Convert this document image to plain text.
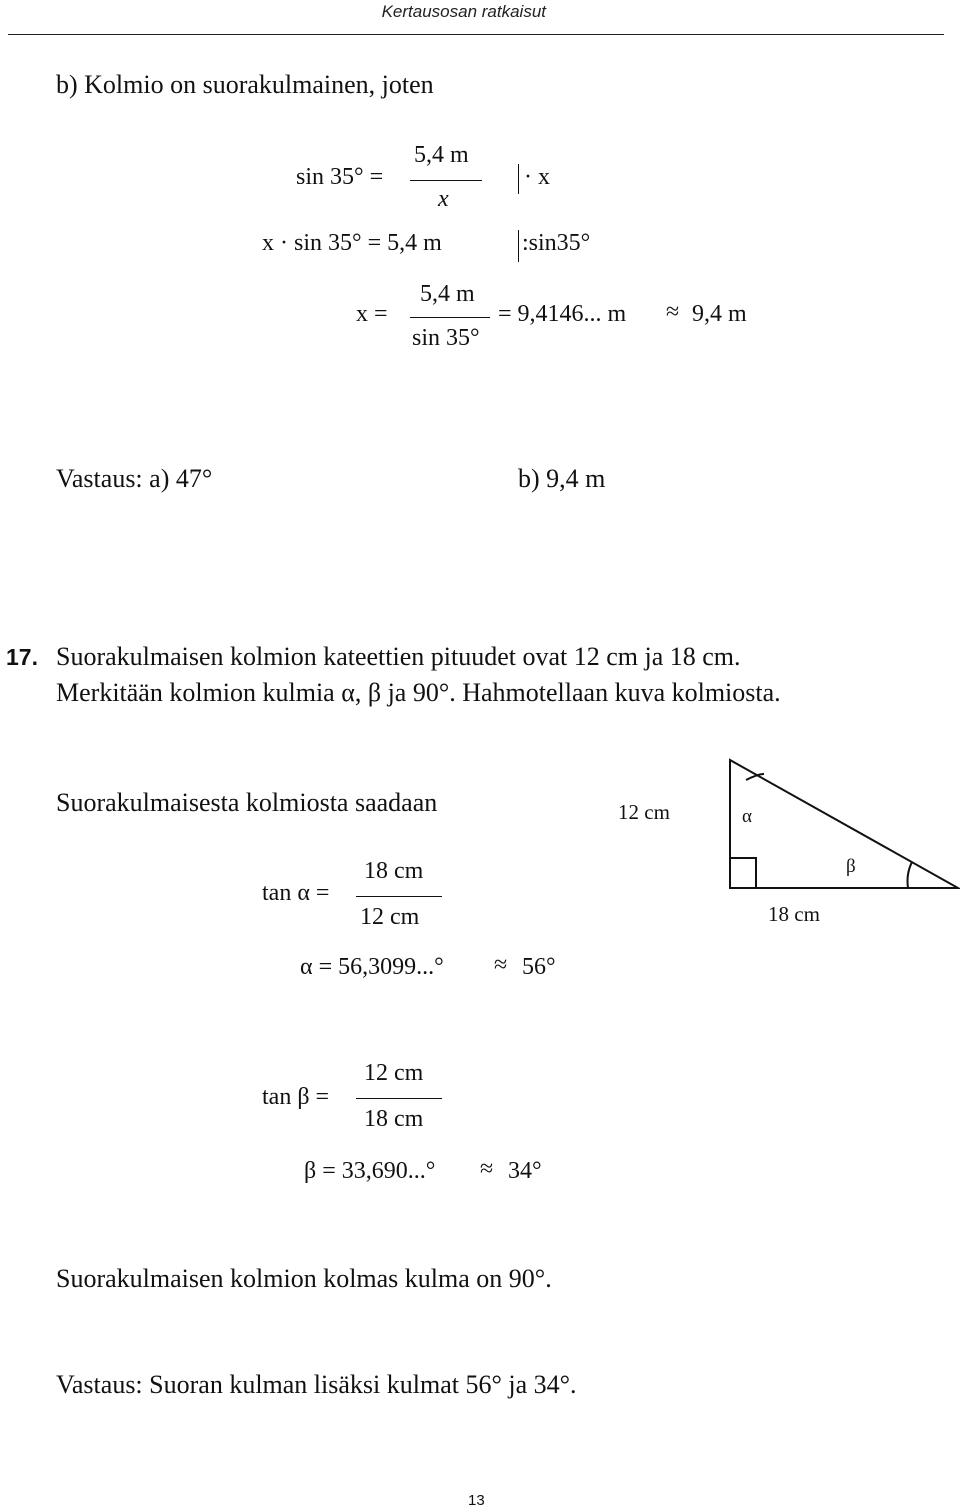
Kertausosan ratkaisut
b) Kolmio on suorakulmainen, joten
sin 35° =
5,4 m
x
· x
x · sin 35° = 5,4 m	:sin35°
x =
5,4 m
sin 35°
= 9,4146... m ≈ 9,4 m
Vastaus: a) 47°	b) 9,4 m
17. Suorakulmaisen kolmion kateettien pituudet ovat 12 cm ja 18 cm.
Merkitään kolmion kulmia α, β ja 90°. Hahmotellaan kuva kolmiosta.
Suorakulmaisesta kolmiosta saadaan	12 cm	α
β
18 cm
tan α =
18 cm
12 cm
α = 56,3099...° ≈ 56°
tan β =
12 cm
18 cm
β = 33,690...° ≈ 34°
Suorakulmaisen kolmion kolmas kulma on 90°.
Vastaus: Suoran kulman lisäksi kulmat 56° ja 34°.
13
